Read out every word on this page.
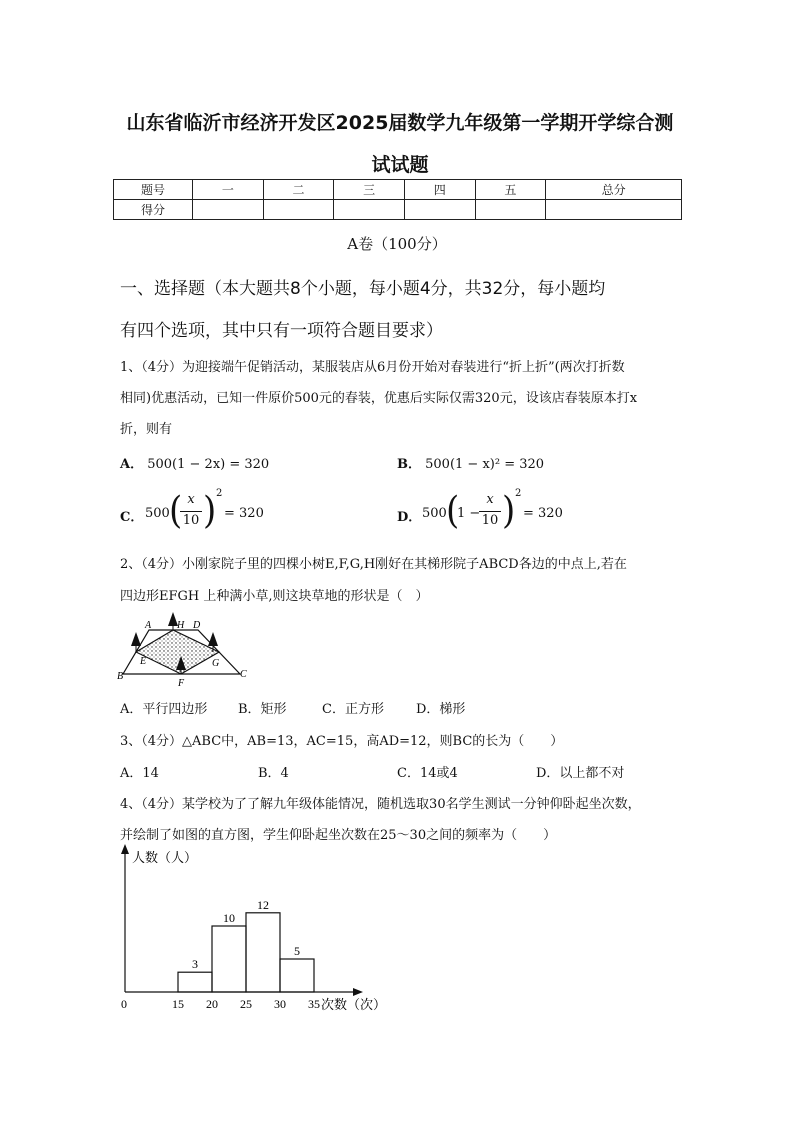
山东省临沂市经济开发区2025届数学九年级第一学期开学综合测
试试题
题号	一	二	三	四	五	总分
得分						
A卷（100分）
一、选择题（本大题共8个小题，每小题4分，共32分，每小题均
有四个选项，其中只有一项符合题目要求）
1、（4分）为迎接端午促销活动，某服装店从6月份开始对春装进行“折上折”(两次打折数
相同)优惠活动，已知一件原价500元的春装，优惠后实际仅需320元，设该店春装原本打x
折，则有
A． 500(1 − 2x) = 320	B． 500(1 − x)² = 320
C． 500 ( x
10 ) 2
= 320	D． 500 (
1 −
x
10 ) 2
= 320
2、（4分）小刚家院子里的四棵小树E,F,G,H刚好在其梯形院子ABCD各边的中点上,若在
四边形EFGH 上种满小草,则这块草地的形状是（　）
A	H D
E	G
B
F
C
A．平行四边形 B．矩形	C．正方形 D．梯形
3、（4分）△ABC中，AB=13，AC=15，高AD=12，则BC的长为（　　）
A．14	B．4	C．14或4	D．以上都不对
4、（4分）某学校为了了解九年级体能情况，随机选取30名学生测试一分钟仰卧起坐次数，
并绘制了如图的直方图，学生仰卧起坐次数在25～30之间的频率为（　　）
人数（人）
次数（次）
0
3
10
12
5
15 20 25 30 35
